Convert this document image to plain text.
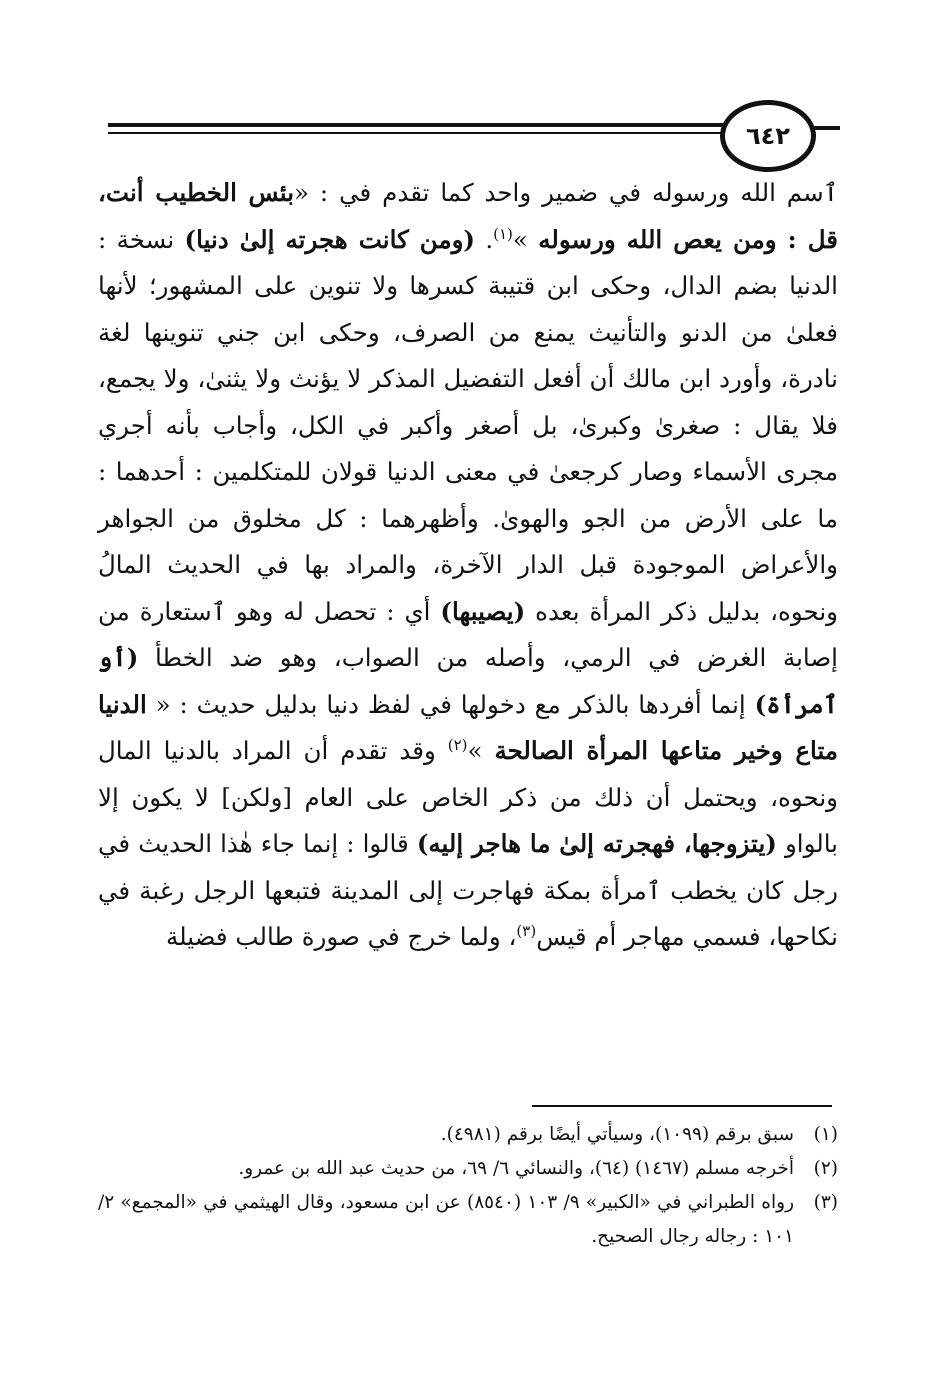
٦٤٢

ٱسم الله ورسوله في ضمير واحد كما تقدم في : «بئس الخطيب أنت، قل : ومن يعص الله ورسوله »$^{(١)}$. (ومن كانت هجرته إلىٰ دنيا) نسخة : الدنيا بضم الدال، وحكى ابن قتيبة كسرها ولا تنوين على المشهور؛ لأنها فعلىٰ من الدنو والتأنيث يمنع من الصرف، وحكى ابن جني تنوينها لغة نادرة، وأورد ابن مالك أن أفعل التفضيل المذكر لا يؤنث ولا يثنىٰ، ولا يجمع، فلا يقال : صغرىٰ وكبرىٰ، بل أصغر وأكبر في الكل، وأجاب بأنه أجري مجرى الأسماء وصار كرجعىٰ في معنى الدنيا قولان للمتكلمين : أحدهما : ما على الأرض من الجو والهوىٰ. وأظهرهما : كل مخلوق من الجواهر والأعراض الموجودة قبل الدار الآخرة، والمراد بها في الحديث المالُ ونحوه، بدليل ذكر المرأة بعده (يصيبها) أي : تحصل له وهو ٱستعارة من إصابة الغرض في الرمي، وأصله من الصواب، وهو ضد الخطأ (أو ٱمرأة) إنما أفردها بالذكر مع دخولها في لفظ دنيا بدليل حديث : « الدنيا متاع وخير متاعها المرأة الصالحة »$^{(٢)}$ وقد تقدم أن المراد بالدنيا المال ونحوه، ويحتمل أن ذلك من ذكر الخاص على العام [ولكن] لا يكون إلا بالواو (يتزوجها، فهجرته إلىٰ ما هاجر إليه) قالوا : إنما جاء هٰذا الحديث في رجل كان يخطب ٱمرأة بمكة فهاجرت إلى المدينة فتبعها الرجل رغبة في نكاحها، فسمي مهاجر أم قيس$^{(٣)}$، ولما خرج في صورة طالب فضيلة

(١)
سبق برقم (١٠٩٩)، وسيأتي أيضًا برقم (٤٩٨١).
(٢)
أخرجه مسلم (١٤٦٧) (٦٤)، والنسائي ٦/ ٦٩، من حديث عبد الله بن عمرو.
(٣)
رواه الطبراني في «الكبير» ٩/ ١٠٣ (٨٥٤٠) عن ابن مسعود، وقال الهيثمي في «المجمع» ٢/ ١٠١ : رجاله رجال الصحيح.
